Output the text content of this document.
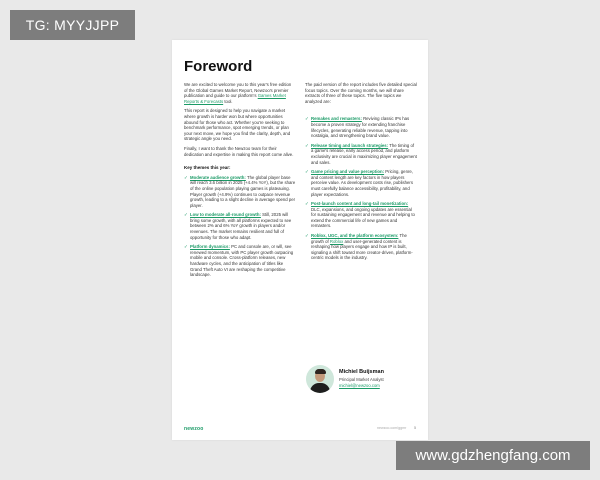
TG: MYYJJPP
Foreword

We are excited to welcome you to this year's free edition of the Global Games Market Report, Newzoo's premier publication and guide to our platform's Games Market Reports & Forecasts tool.

This report is designed to help you navigate a market where growth is harder won but where opportunities abound for those who act. Whether you're seeking to benchmark performance, spot emerging trends, or plan your next move, we hope you find the clarity, depth, and strategic angle you need.

Finally, I want to thank the Newzoo team for their dedication and expertise in making this report come alive.

Key themes this year:
✓ Moderate audience growth: The global player base will reach 3.6 billion in 2025 (+4.4% YoY), but the share of the online population playing games is plateauing. Player growth (+4.9%) continues to outpace revenue growth, leading to a slight decline in average spend per player.
✓ Low to moderate all-round growth: Still, 2025 will bring some growth, with all platforms expected to see between 2% and 6% YoY growth in players and/or revenues. The market remains resilient and full of opportunity for those who adapt.
✓ Platform dynamics: PC and console are, or will, see renewed momentum, with PC player growth outpacing mobile and console. Cross-platform releases, new hardware cycles, and the anticipation of titles like Grand Theft Auto VI are reshaping the competitive landscape.

The paid version of the report includes five detailed special focus topics. Over the coming months, we will share extracts of three of these topics. The five topics we analyzed are:

✓ Remakes and remasters: Reviving classic IPs has become a proven strategy for extending franchise lifecycles, generating reliable revenue, tapping into nostalgia, and strengthening brand value.
✓ Release timing and launch strategies: The timing of a game's release, early access period, and platform exclusivity are crucial in maximizing player engagement and sales.
✓ Game pricing and value perception: Pricing, genre, and content length are key factors in how players perceive value. As development costs rise, publishers must carefully balance accessibility, profitability, and player expectations.
✓ Post-launch content and long-tail monetization: DLC, expansions, and ongoing updates are essential for sustaining engagement and revenue and helping to extend the commercial life of new games and remasters.
✓ Roblox, UGC, and the platform ecosystem: The growth of Roblox and user-generated content is reshaping how players engage and how IP is built, signaling a shift toward more creator-driven, platform-centric models in the industry.
Michiel Buijsman
Principal Market Analyst
michiel@newzoo.com
newzoo	newzoo.com/ggmr 5
www.gdzhengfang.com
